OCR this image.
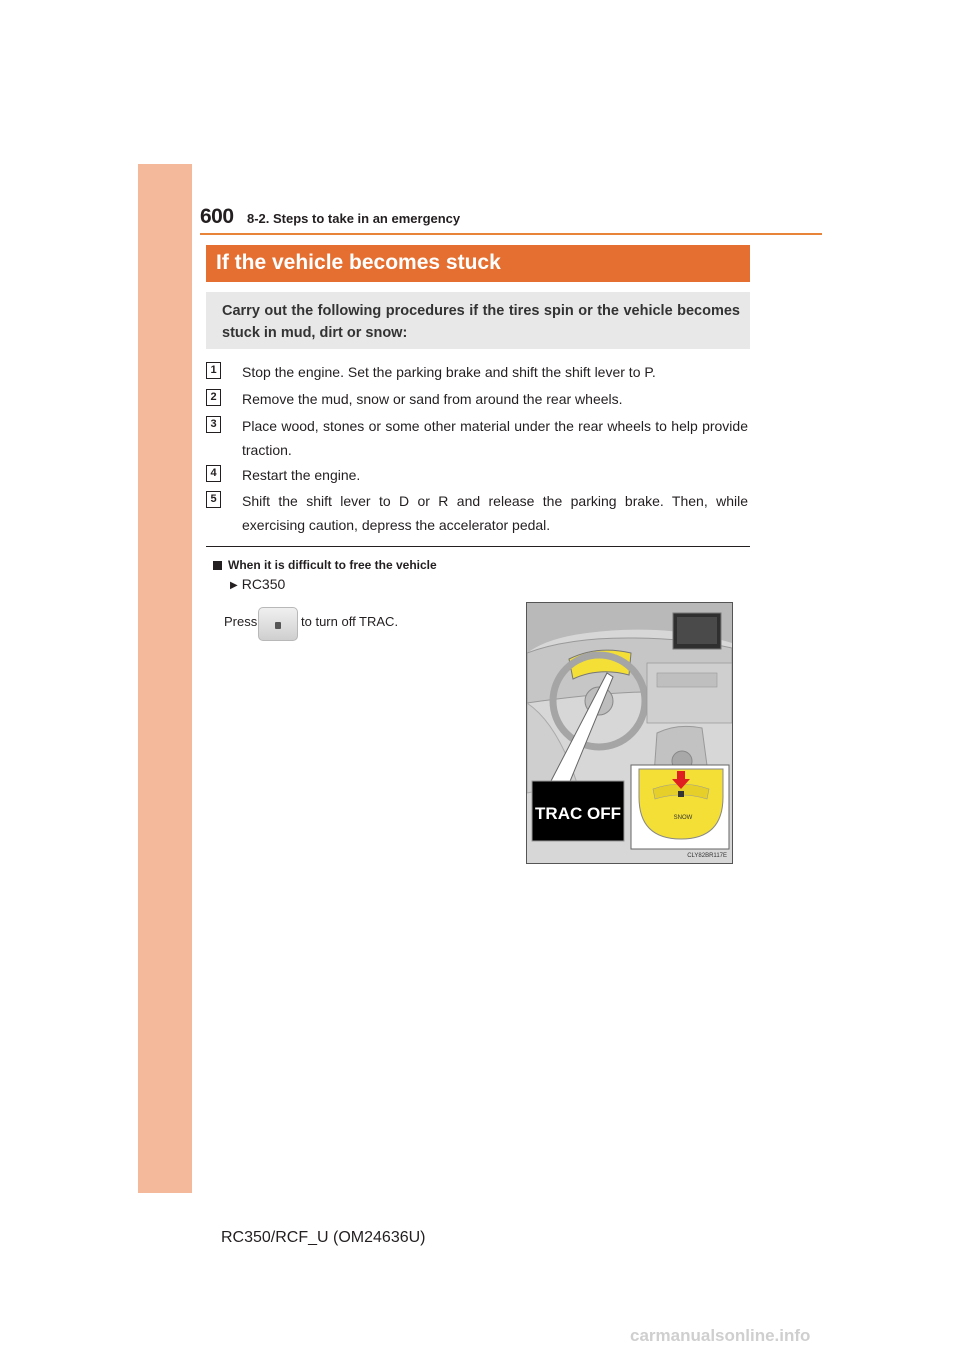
600 8-2. Steps to take in an emergency
If the vehicle becomes stuck

Carry out the following procedures if the tires spin or the vehicle becomes stuck in mud, dirt or snow:

1	Stop the engine. Set the parking brake and shift the shift lever to P.
2	Remove the mud, snow or sand from around the rear wheels.
3	Place wood, stones or some other material under the rear wheels to help provide traction.
4	Restart the engine.
5	Shift the shift lever to D or R and release the parking brake. Then, while exercising caution, depress the accelerator pedal.
When it is difficult to free the vehicle
▶ RC350
Press	to turn off TRAC.
TRAC OFF	SNOW
CLY82BR117E
RC350/RCF_U (OM24636U)
carmanualsonline.info
